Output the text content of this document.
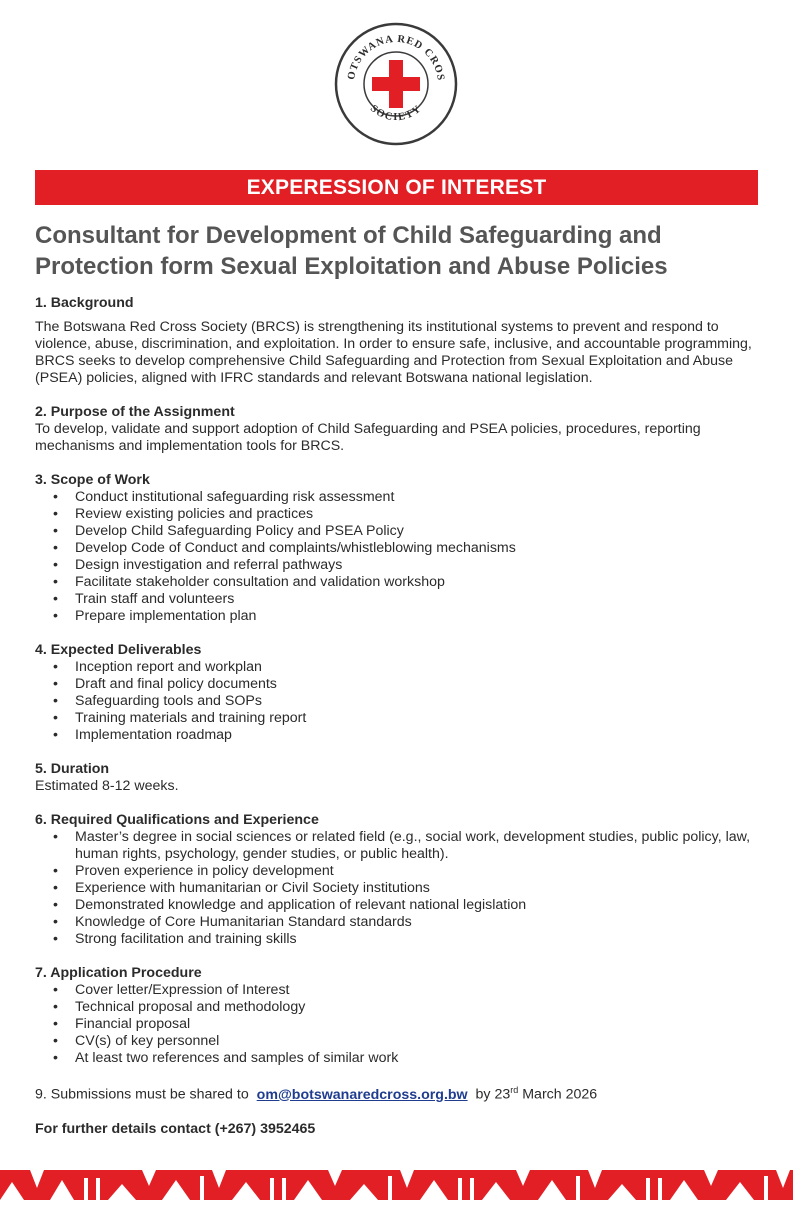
OTSWANA RED CROS
SOCIETY
EXPERESSION OF INTEREST
Consultant for Development of Child Safeguarding and
Protection form Sexual Exploitation and Abuse Policies
1. Background
The Botswana Red Cross Society (BRCS) is strengthening its institutional systems to prevent and respond to violence, abuse, discrimination, and exploitation. In order to ensure safe, inclusive, and accountable programming, BRCS seeks to develop comprehensive Child Safeguarding and Protection from Sexual Exploitation and Abuse (PSEA) policies, aligned with IFRC standards and relevant Botswana national legislation.
2. Purpose of the Assignment
To develop, validate and support adoption of Child Safeguarding and PSEA policies, procedures, reporting mechanisms and implementation tools for BRCS.
3. Scope of Work
• Conduct institutional safeguarding risk assessment
• Review existing policies and practices
• Develop Child Safeguarding Policy and PSEA Policy
• Develop Code of Conduct and complaints/whistleblowing mechanisms
• Design investigation and referral pathways
• Facilitate stakeholder consultation and validation workshop
• Train staff and volunteers
• Prepare implementation plan
4. Expected Deliverables
• Inception report and workplan
• Draft and final policy documents
• Safeguarding tools and SOPs
• Training materials and training report
• Implementation roadmap
5. Duration
Estimated 8-12 weeks.
6. Required Qualifications and Experience
• Master’s degree in social sciences or related field (e.g., social work, development studies, public policy, law, human rights, psychology, gender studies, or public health).
• Proven experience in policy development
• Experience with humanitarian or Civil Society institutions
• Demonstrated knowledge and application of relevant national legislation
• Knowledge of Core Humanitarian Standard standards
• Strong facilitation and training skills
7. Application Procedure
• Cover letter/Expression of Interest
• Technical proposal and methodology
• Financial proposal
• CV(s) of key personnel
• At least two references and samples of similar work
9. Submissions must be shared to om@botswanaredcross.org.bw by 23rd March 2026
For further details contact (+267) 3952465
